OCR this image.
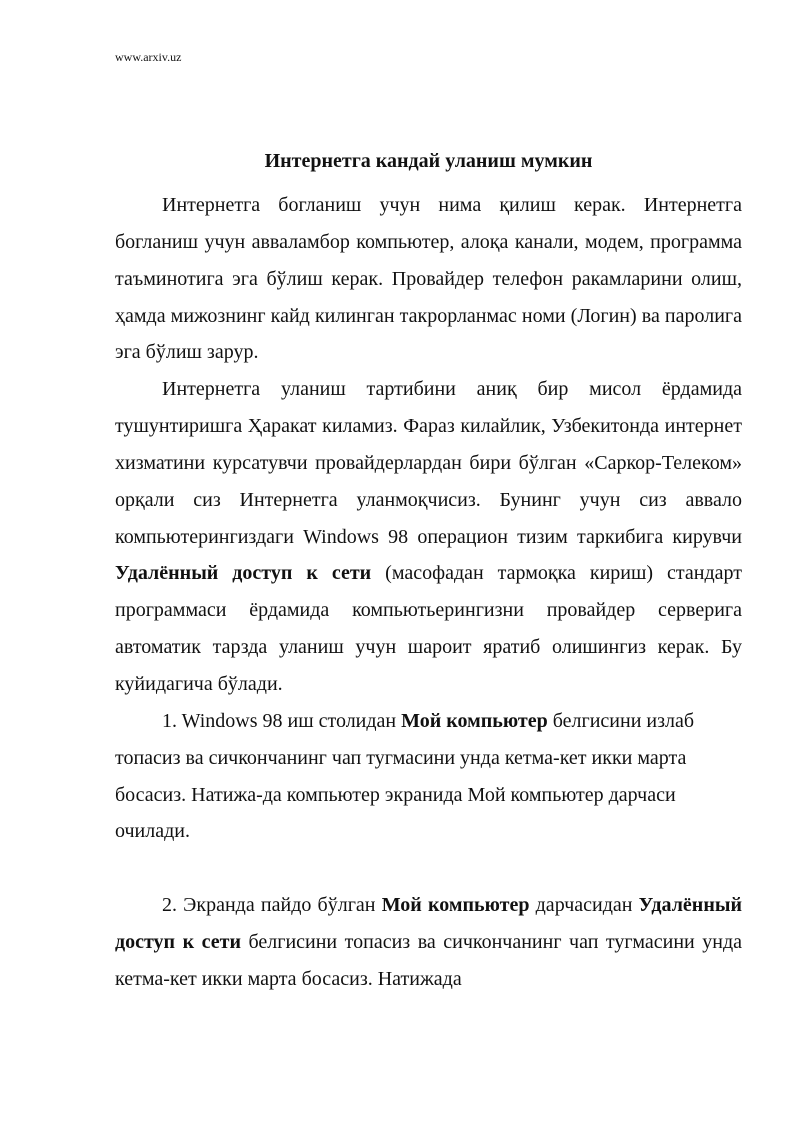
www.arxiv.uz
Интернетга кандай уланиш мумкин

Интернетга богланиш учун нима қилиш керак. Интернетга богланиш учун авваламбор компьютер, алоқа канали, модем, программа таъминотига эга бўлиш керак. Провайдер телефон ракамларини олиш, ҳамда мижознинг кайд килинган такрорланмас номи (Логин) ва паролига эга бўлиш зарур.

Интернетга уланиш тартибини аниқ бир мисол ёрдамида тушунтиришга Ҳаракат киламиз. Фараз килайлик, Узбекитонда интернет хизматини курсатувчи провайдерлардан бири бўлган «Саркор-Телеком» орқали сиз Интернетга уланмоқчисиз. Бунинг учун сиз аввало компьютерингиздаги Windows 98 операцион тизим таркибига кирувчи Удалённый доступ к сети (масофадан тармоқка кириш) стандарт программаси ёрдамида компьютьерингизни провайдер серверига автоматик тарзда уланиш учун шароит яратиб олишингиз керак. Бу куйидагича бўлади.

1. Windows 98 иш столидан Мой компьютер белгисини излаб топасиз ва сичкончанинг чап тугмасини унда кетма-кет икки марта босасиз. Натижа-да компьютер экранида Мой компьютер дарчаси очилади.

2. Экранда пайдо бўлган Мой компьютер дарчасидан Удалённый доступ к сети белгисини топасиз ва сичкончанинг чап тугмасини унда кетма-кет икки марта босасиз. Натижада
